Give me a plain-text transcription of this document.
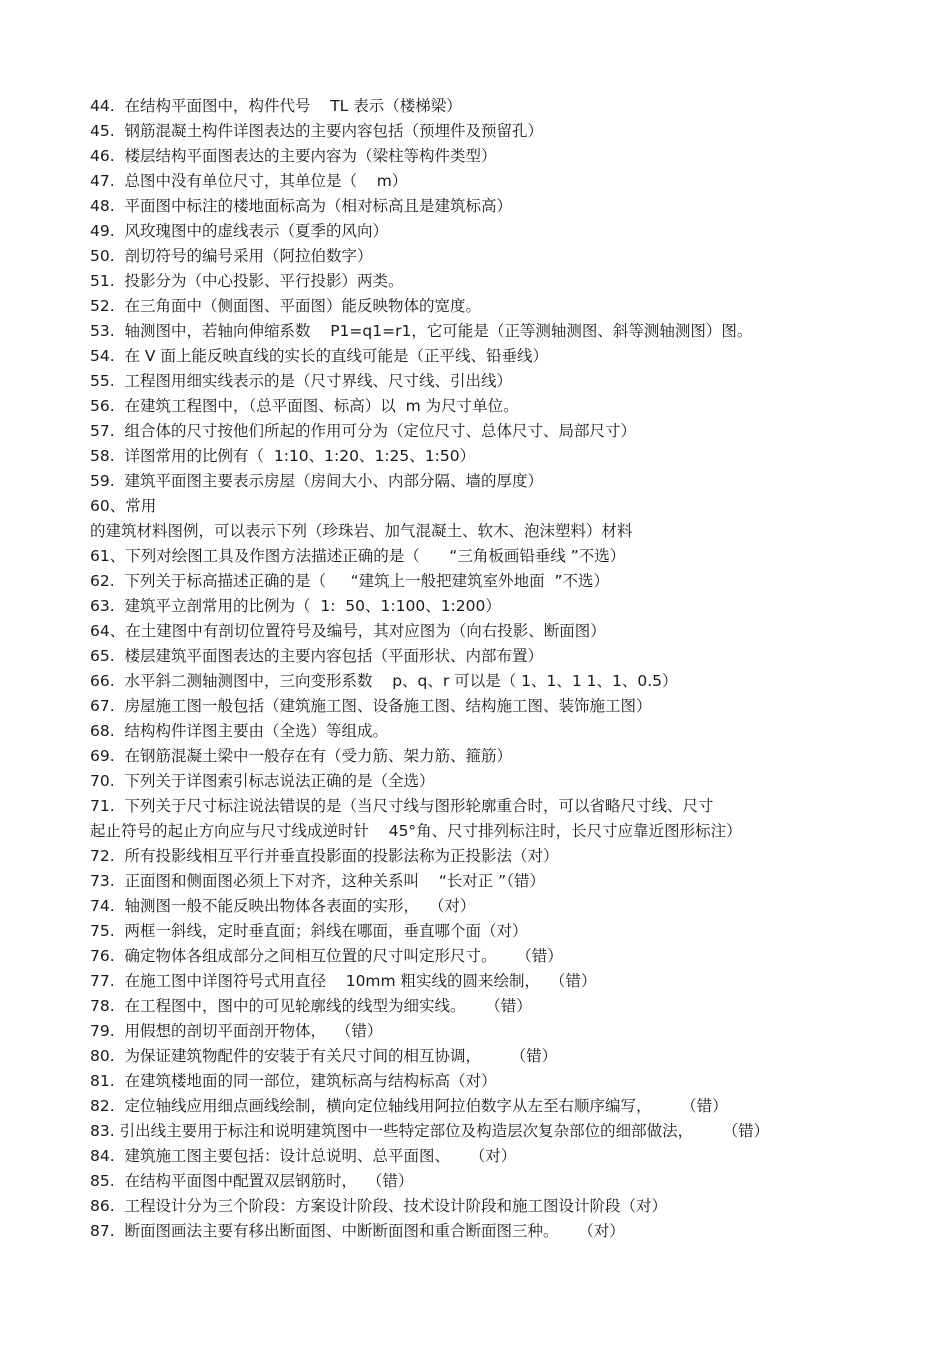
44.  在结构平面图中，构件代号    TL 表示（楼梯梁）
45.  钢筋混凝土构件详图表达的主要内容包括（预埋件及预留孔）
46.  楼层结构平面图表达的主要内容为（梁柱等构件类型）
47.  总图中没有单位尺寸，其单位是（    m）
48.  平面图中标注的楼地面标高为（相对标高且是建筑标高）
49.  风玫瑰图中的虚线表示（夏季的风向）
50.  剖切符号的编号采用（阿拉伯数字）
51.  投影分为（中心投影、平行投影）两类。
52.  在三角面中（侧面图、平面图）能反映物体的宽度。
53.  轴测图中，若轴向伸缩系数    P1=q1=r1，它可能是（正等测轴测图、斜等测轴测图）图。
54.  在 V 面上能反映直线的实长的直线可能是（正平线、铅垂线）
55.  工程图用细实线表示的是（尺寸界线、尺寸线、引出线）
56.  在建筑工程图中，（总平面图、标高）以  m 为尺寸单位。
57.  组合体的尺寸按他们所起的作用可分为（定位尺寸、总体尺寸、局部尺寸）
58.  详图常用的比例有（  1:10、1:20、1:25、1:50）
59.  建筑平面图主要表示房屋（房间大小、内部分隔、墙的厚度）
60、常用
的建筑材料图例，可以表示下列（珍珠岩、加气混凝土、软木、泡沫塑料）材料
61、下列对绘图工具及作图方法描述正确的是（      “三角板画铅垂线 ”不选）
62.  下列关于标高描述正确的是（     “建筑上一般把建筑室外地面  ”不选）
63.  建筑平立剖常用的比例为（  1:  50、1:100、1:200）
64、在土建图中有剖切位置符号及编号，其对应图为（向右投影、断面图）
65.  楼层建筑平面图表达的主要内容包括（平面形状、内部布置）
66.  水平斜二测轴测图中，三向变形系数    p、q、r 可以是（ 1、1、1 1、1、0.5）
67.  房屋施工图一般包括（建筑施工图、设备施工图、结构施工图、装饰施工图）
68.  结构构件详图主要由（全选）等组成。
69.  在钢筋混凝土梁中一般存在有（受力筋、架力筋、箍筋）
70.  下列关于详图索引标志说法正确的是（全选）
71.  下列关于尺寸标注说法错误的是（当尺寸线与图形轮廓重合时，可以省略尺寸线、尺寸
起止符号的起止方向应与尺寸线成逆时针    45°角、尺寸排列标注时，长尺寸应靠近图形标注）
72.  所有投影线相互平行并垂直投影面的投影法称为正投影法（对）
73.  正面图和侧面图必须上下对齐，这种关系叫    “长对正 ”（错）
74.  轴测图一般不能反映出物体各表面的实形，  （对）
75.  两框一斜线，定时垂直面；斜线在哪面，垂直哪个面（对）
76.  确定物体各组成部分之间相互位置的尺寸叫定形尺寸。    （错）
77.  在施工图中详图符号式用直径    10mm 粗实线的圆来绘制，  （错）
78.  在工程图中，图中的可见轮廓线的线型为细实线。    （错）
79.  用假想的剖切平面剖开物体，  （错）
80.  为保证建筑物配件的安装于有关尺寸间的相互协调，      （错）
81.  在建筑楼地面的同一部位，建筑标高与结构标高（对）
82.  定位轴线应用细点画线绘制，横向定位轴线用阿拉伯数字从左至右顺序编写，      （错）
83. 引出线主要用于标注和说明建筑图中一些特定部位及构造层次复杂部位的细部做法，      （错）
84.  建筑施工图主要包括：设计总说明、总平面图、    （对）
85.  在结构平面图中配置双层钢筋时，  （错）
86.  工程设计分为三个阶段：方案设计阶段、技术设计阶段和施工图设计阶段（对）
87.  断面图画法主要有移出断面图、中断断面图和重合断面图三种。    （对）
